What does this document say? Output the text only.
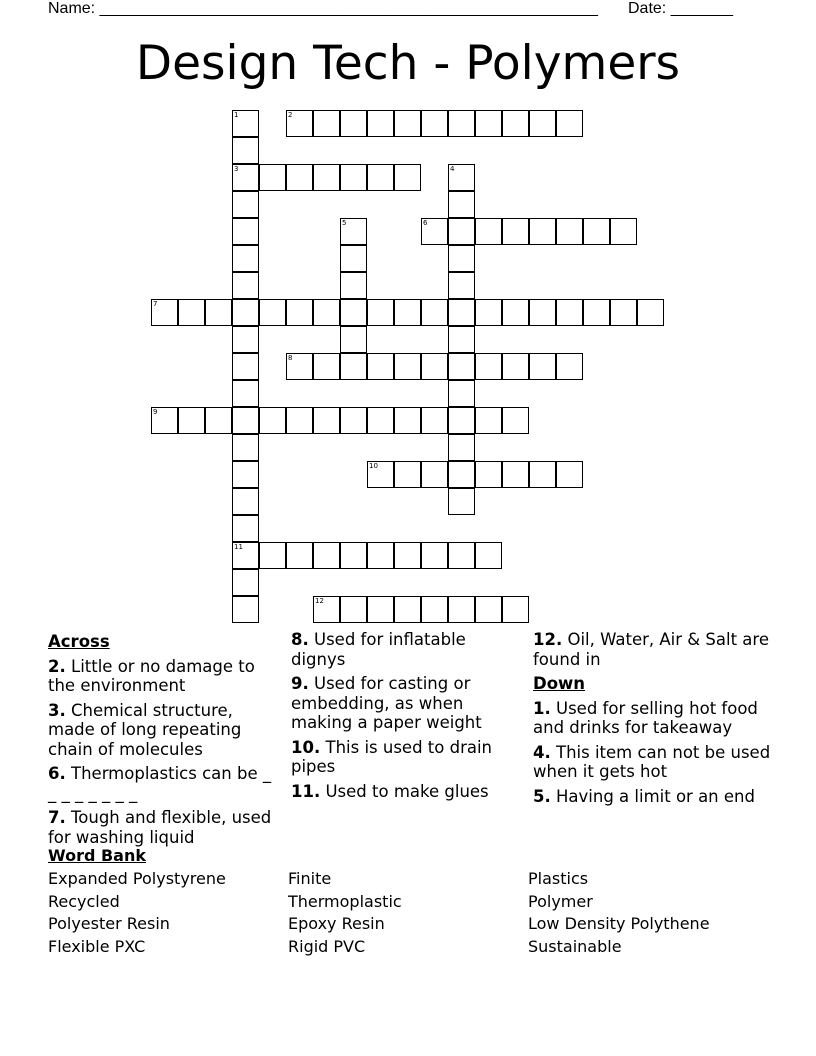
Name: ________________________________________________________ Date: _______
Design Tech - Polymers
1
3
11
2
4
5	6
7
8
9
10
12
Across
2. Little or no damage to the environment
3. Chemical structure, made of long repeating chain of molecules
6. Thermoplastics can be _ _ _ _ _ _ _ _
7. Tough and flexible, used for washing liquid
8. Used for inflatable dignys
9. Used for casting or embedding, as when making a paper weight
10. This is used to drain pipes
11. Used to make glues
12. Oil, Water, Air & Salt are found in
Down
1. Used for selling hot food and drinks for takeaway
4. This item can not be used when it gets hot
5. Having a limit or an end
Word Bank
Expanded Polystyrene
Recycled
Polyester Resin
Flexible PXC
Finite
Thermoplastic
Epoxy Resin
Rigid PVC
Plastics
Polymer
Low Density Polythene
Sustainable
